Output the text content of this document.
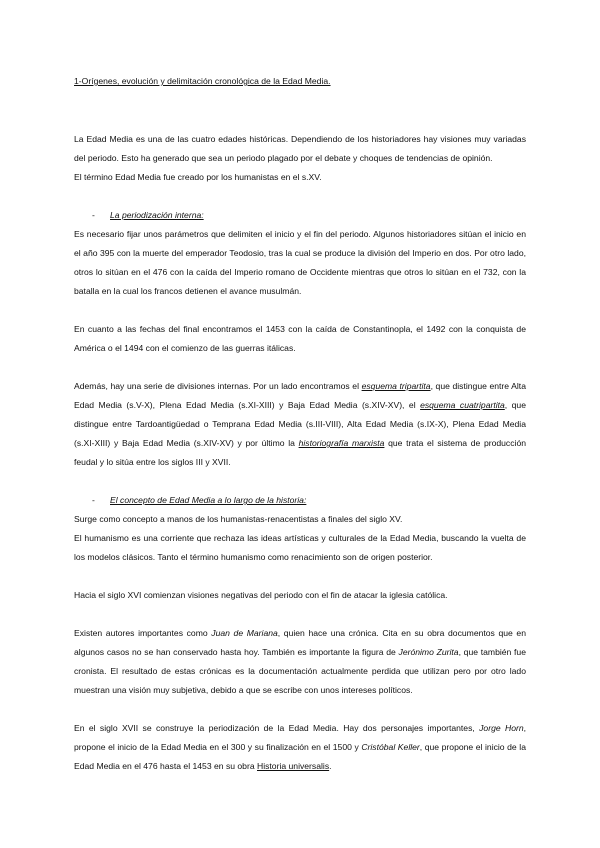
1-Orígenes, evolución y delimitación cronológica de la Edad Media.

La Edad Media es una de las cuatro edades históricas. Dependiendo de los historiadores hay visiones muy variadas del periodo. Esto ha generado que sea un periodo plagado por el debate y choques de tendencias de opinión.

El término Edad Media fue creado por los humanistas en el s.XV.

-	La periodización interna:

Es necesario fijar unos parámetros que delimiten el inicio y el fin del periodo. Algunos historiadores sitúan el inicio en el año 395 con la muerte del emperador Teodosio, tras la cual se produce la división del Imperio en dos. Por otro lado, otros lo sitúan en el 476 con la caída del Imperio romano de Occidente mientras que otros lo sitúan en el 732, con la batalla en la cual los francos detienen el avance musulmán.

En cuanto a las fechas del final encontramos el 1453 con la caída de Constantinopla, el 1492 con la conquista de América o el 1494 con el comienzo de las guerras itálicas.

Además, hay una serie de divisiones internas. Por un lado encontramos el esquema tripartita, que distingue entre Alta Edad Media (s.V-X), Plena Edad Media (s.XI-XIII) y Baja Edad Media (s.XIV-XV), el esquema cuatripartita, que distingue entre Tardoantigüedad o Temprana Edad Media (s.III-VIII), Alta Edad Media (s.IX-X), Plena Edad Media (s.XI-XIII) y Baja Edad Media (s.XIV-XV) y por último la historiografía marxista que trata el sistema de producción feudal y lo sitúa entre los siglos III y XVII.

-	El concepto de Edad Media a lo largo de la historia:

Surge como concepto a manos de los humanistas-renacentistas a finales del siglo XV.

El humanismo es una corriente que rechaza las ideas artísticas y culturales de la Edad Media, buscando la vuelta de los modelos clásicos. Tanto el término humanismo como renacimiento son de origen posterior.

Hacia el siglo XVI comienzan visiones negativas del periodo con el fin de atacar la iglesia católica.

Existen autores importantes como Juan de Mariana, quien hace una crónica. Cita en su obra documentos que en algunos casos no se han conservado hasta hoy. También es importante la figura de Jerónimo Zurita, que también fue cronista. El resultado de estas crónicas es la documentación actualmente perdida que utilizan pero por otro lado muestran una visión muy subjetiva, debido a que se escribe con unos intereses políticos.

En el siglo XVII se construye la periodización de la Edad Media. Hay dos personajes importantes, Jorge Horn, propone el inicio de la Edad Media en el 300 y su finalización en el 1500 y Cristóbal Keller, que propone el inicio de la Edad Media en el 476 hasta el 1453 en su obra Historia universalis.
